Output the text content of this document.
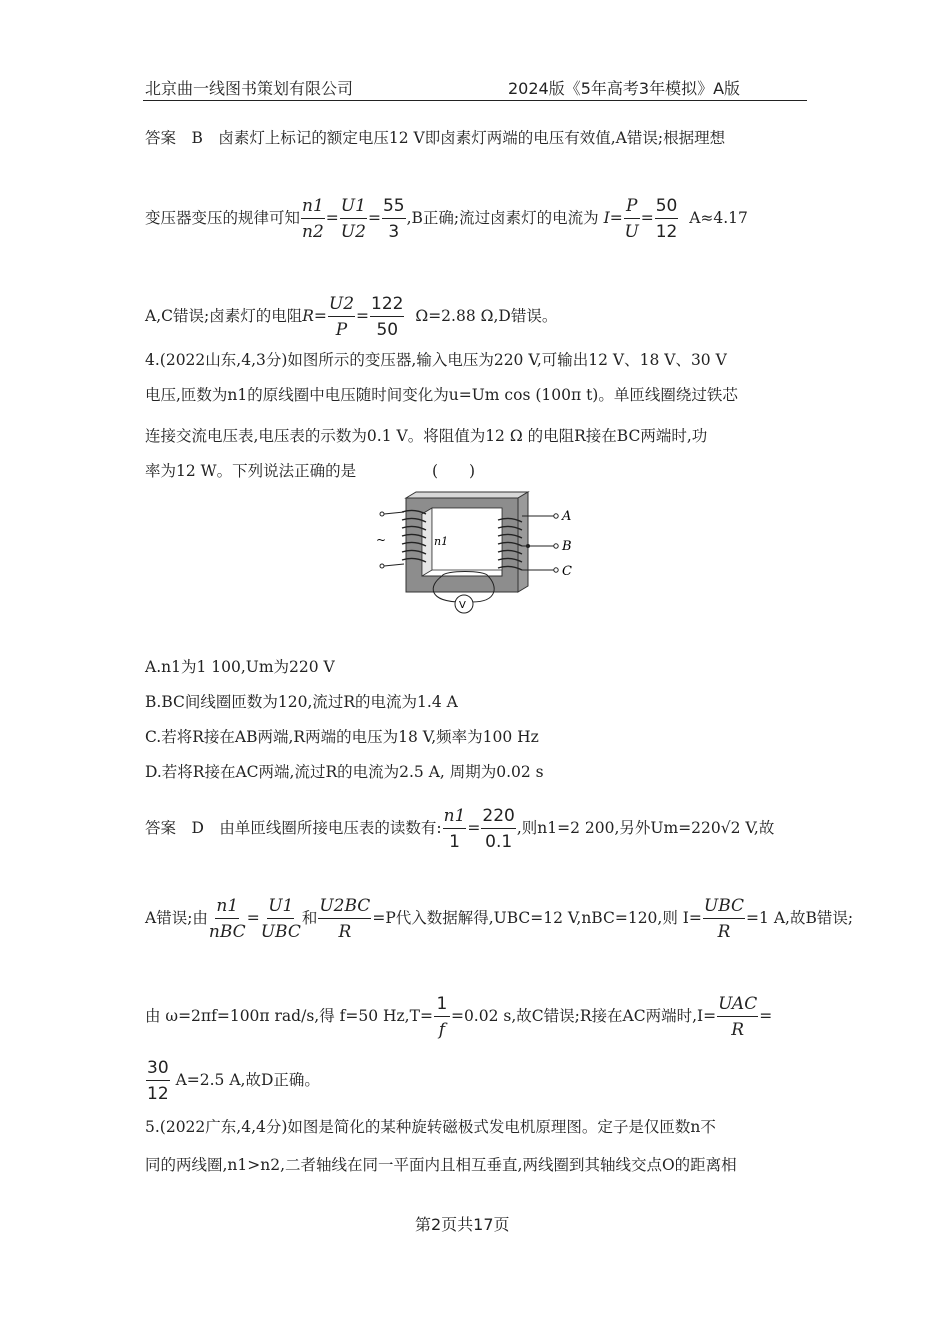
北京曲一线图书策划有限公司	2024版《5年高考3年模拟》A版
答案　B　卤素灯上标记的额定电压12 V即卤素灯两端的电压有效值,A错误;根据理想
变压器变压的规律可知 $\frac{n1}{n2} = \frac{U1}{U2} = \frac{55}{3} ,B$正确;流过卤素灯的电流为 $I= \frac{P}{U} = \frac{50}{12} A\approx 4.17$
A,C错误;卤素灯的电阻$R= \frac{U2}{P} = \frac{122}{50} \Omega=2.88$ Ω,D错误。
4.(2022山东,4,3分)如图所示的变压器,输入电压为220 V,可输出12 V、18 V、30 V
电压,匝数为n1的原线圈中电压随时间变化为u=Um cos (100π t)。单匝线圈绕过铁芯
连接交流电压表,电压表的示数为0.1 V。将阻值为12 Ω 的电阻R接在BC两端时,功
率为12 W。下列说法正确的是	(　　)
~
A
B
C
n1
V
A.n1为1 100,Um为220 V
B.BC间线圈匝数为120,流过R的电流为1.4 A
C.若将R接在AB两端,R两端的电压为18 V,频率为100 Hz
D.若将R接在AC两端,流过R的电流为2.5 A, 周期为0.02 s
答案　D　由单匝线圈所接电压表的读数有: $\frac{n1}{1} = \frac{220}{0.1}$ ,则n1=2 200,另外Um=220√2 V,故
A错误;由 $\frac{n1}{\text{nBC}} = \frac{U1}{\text{UBC}}$ 和 $\frac{U2BC}{R} =P$代入数据解得,UBC=12 V,nBC=120,则 $I= \frac{\text{UBC}}{R} =1$ A,故B错误;
由 ω=2πf=100π rad/s,得 f=50 $Hz,T= \frac{1}{f} =0.02$ s,故C错误;R接在AC两端时$,I= \frac{\text{UAC}}{R}$ =
$\frac{30}{12} A=2.5$ A,故D正确。
5.(2022广东,4,4分)如图是简化的某种旋转磁极式发电机原理图。定子是仅匝数n不
同的两线圈,n1>n2,二者轴线在同一平面内且相互垂直,两线圈到其轴线交点O的距离相
第2页共17页
